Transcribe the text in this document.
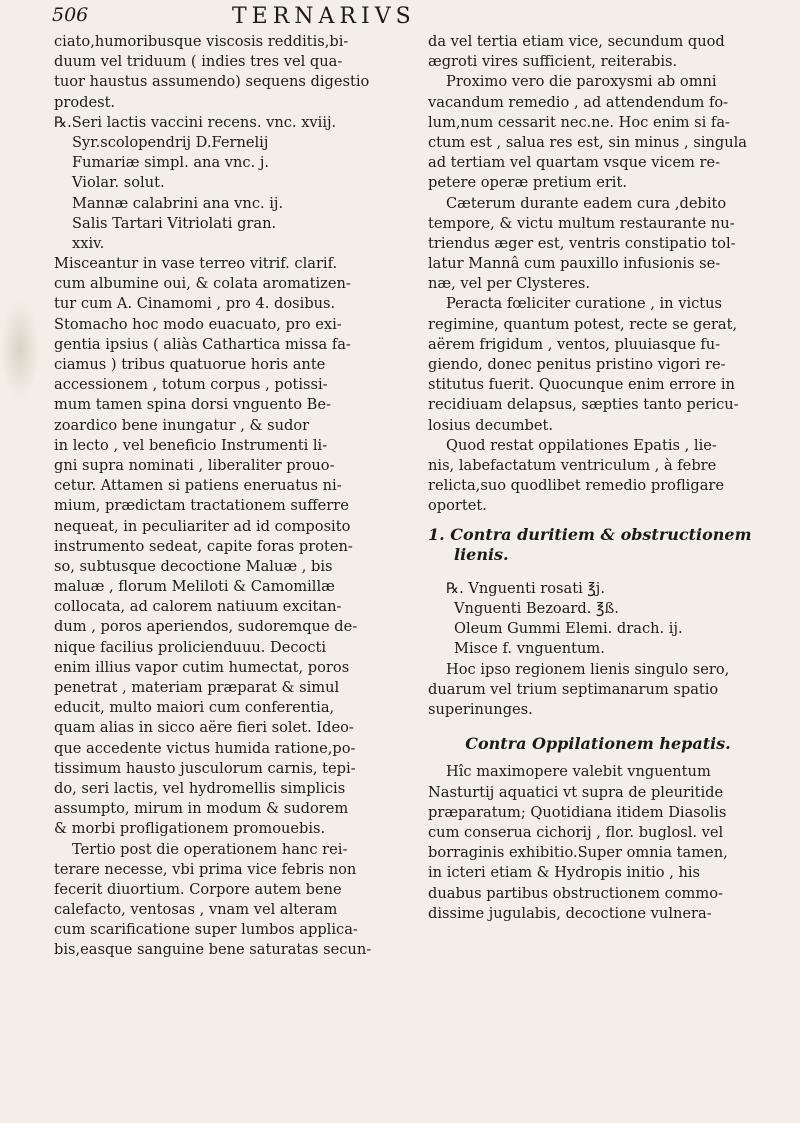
506	TERNARIVS
ciato,humoribusque viscosis redditis,bi-
duum vel triduum ( indies tres vel qua-
tuor haustus assumendo) sequens digestio
prodest.
℞.Seri lactis vaccini recens. vnc. xviij.
Syr.scolopendrij D.Fernelij
Fumariæ simpl. ana vnc. j.
Violar. solut.
Mannæ calabrini ana vnc. ij.
Salis Tartari Vitriolati gran.
xxiv.
Misceantur in vase terreo vitrif. clarif.
cum albumine oui, & colata aromatizen-
tur cum A. Cinamomi , pro 4. dosibus.
Stomacho hoc modo euacuato, pro exi-
gentia ipsius ( aliàs Cathartica missa fa-
ciamus ) tribus quatuorue horis ante
accessionem , totum corpus , potissi-
mum tamen spina dorsi vnguento Be-
zoardico bene inungatur , & sudor
in lecto , vel beneficio Instrumenti li-
gni supra nominati , liberaliter prouo-
cetur. Attamen si patiens eneruatus ni-
mium, prædictam tractationem sufferre
nequeat, in peculiariter ad id composito
instrumento sedeat, capite foras proten-
so, subtusque decoctione Maluæ , bis
maluæ , florum Meliloti & Camomillæ
collocata, ad calorem natiuum excitan-
dum , poros aperiendos, sudoremque de-
nique facilius prolicienduuu. Decocti
enim illius vapor cutim humectat, poros
penetrat , materiam præparat & simul
educit, multo maiori cum conferentia,
quam alias in sicco aëre fieri solet. Ideo-
que accedente victus humida ratione,po-
tissimum hausto jusculorum carnis, tepi-
do, seri lactis, vel hydromellis simplicis
assumpto, mirum in modum & sudorem
& morbi profligationem promouebis.
Tertio post die operationem hanc rei-
terare necesse, vbi prima vice febris non
fecerit diuortium. Corpore autem bene
calefacto, ventosas , vnam vel alteram
cum scarificatione super lumbos applica-
bis,easque sanguine bene saturatas secun-
da vel tertia etiam vice, secundum quod
ægroti vires sufficient, reiterabis.
Proximo vero die paroxysmi ab omni
vacandum remedio , ad attendendum fo-
lum,num cessarit nec.ne. Hoc enim si fa-
ctum est , salua res est, sin minus , singula
ad tertiam vel quartam vsque vicem re-
petere operæ pretium erit.
Cæterum durante eadem cura ,debito
tempore, & victu multum restaurante nu-
triendus æger est, ventris constipatio tol-
latur Mannâ cum pauxillo infusionis se-
næ, vel per Clysteres.
Peracta fœliciter curatione , in victus
regimine, quantum potest, recte se gerat,
aërem frigidum , ventos, pluuiasque fu-
giendo, donec penitus pristino vigori re-
stitutus fuerit. Quocunque enim errore in
recidiuam delapsus, sæpties tanto pericu-
losius decumbet.
Quod restat oppilationes Epatis , lie-
nis, labefactatum ventriculum , à febre
relicta,suo quodlibet remedio profligare
oportet.
1. Contra duritiem & obstructionem
lienis.
℞. Vnguenti rosati ℥j.
Vnguenti Bezoard. ℥ß.
Oleum Gummi Elemi. drach. ij.
Misce f. vnguentum.
Hoc ipso regionem lienis singulo sero,
duarum vel trium septimanarum spatio
superinunges.
Contra Oppilationem hepatis.
Hîc maximopere valebit vnguentum
Nasturtij aquatici vt supra de pleuritide
præparatum; Quotidiana itidem Diasolis
cum conserua cichorij , flor. buglosl. vel
borraginis exhibitio.Super omnia tamen,
in icteri etiam & Hydropis initio , his
duabus partibus obstructionem commo-
dissime jugulabis, decoctione vulnera-
